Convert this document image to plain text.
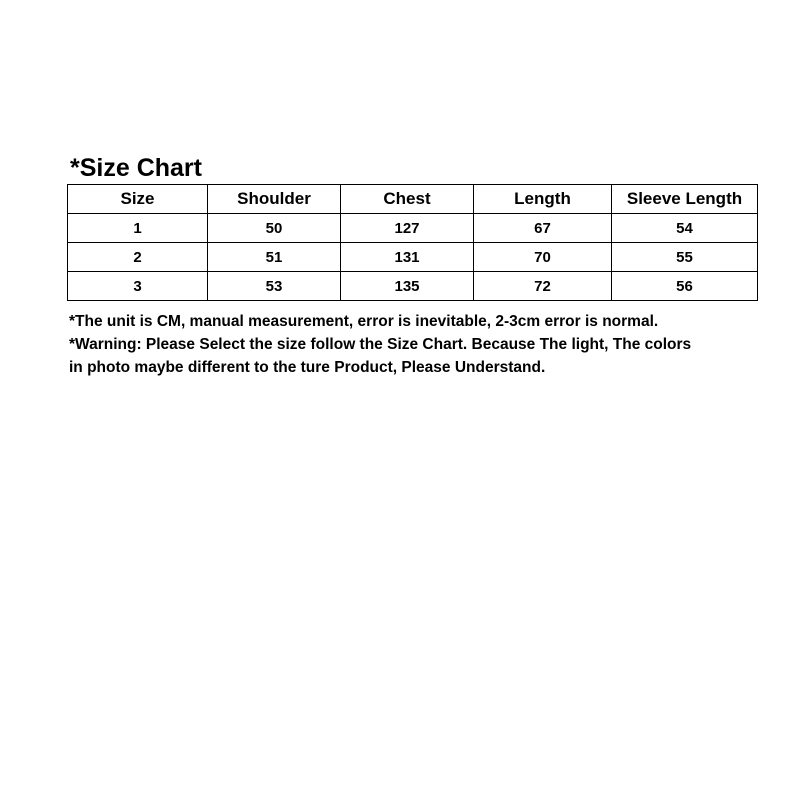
*Size Chart
Size	Shoulder	Chest	Length	Sleeve Length
1	50	127	67	54
2	51	131	70	55
3	53	135	72	56

*The unit is CM, manual measurement, error is inevitable, 2-3cm error is normal.

*Warning: Please Select the size follow the Size Chart. Because The light, The colors

in photo maybe different to the ture Product, Please Understand.
